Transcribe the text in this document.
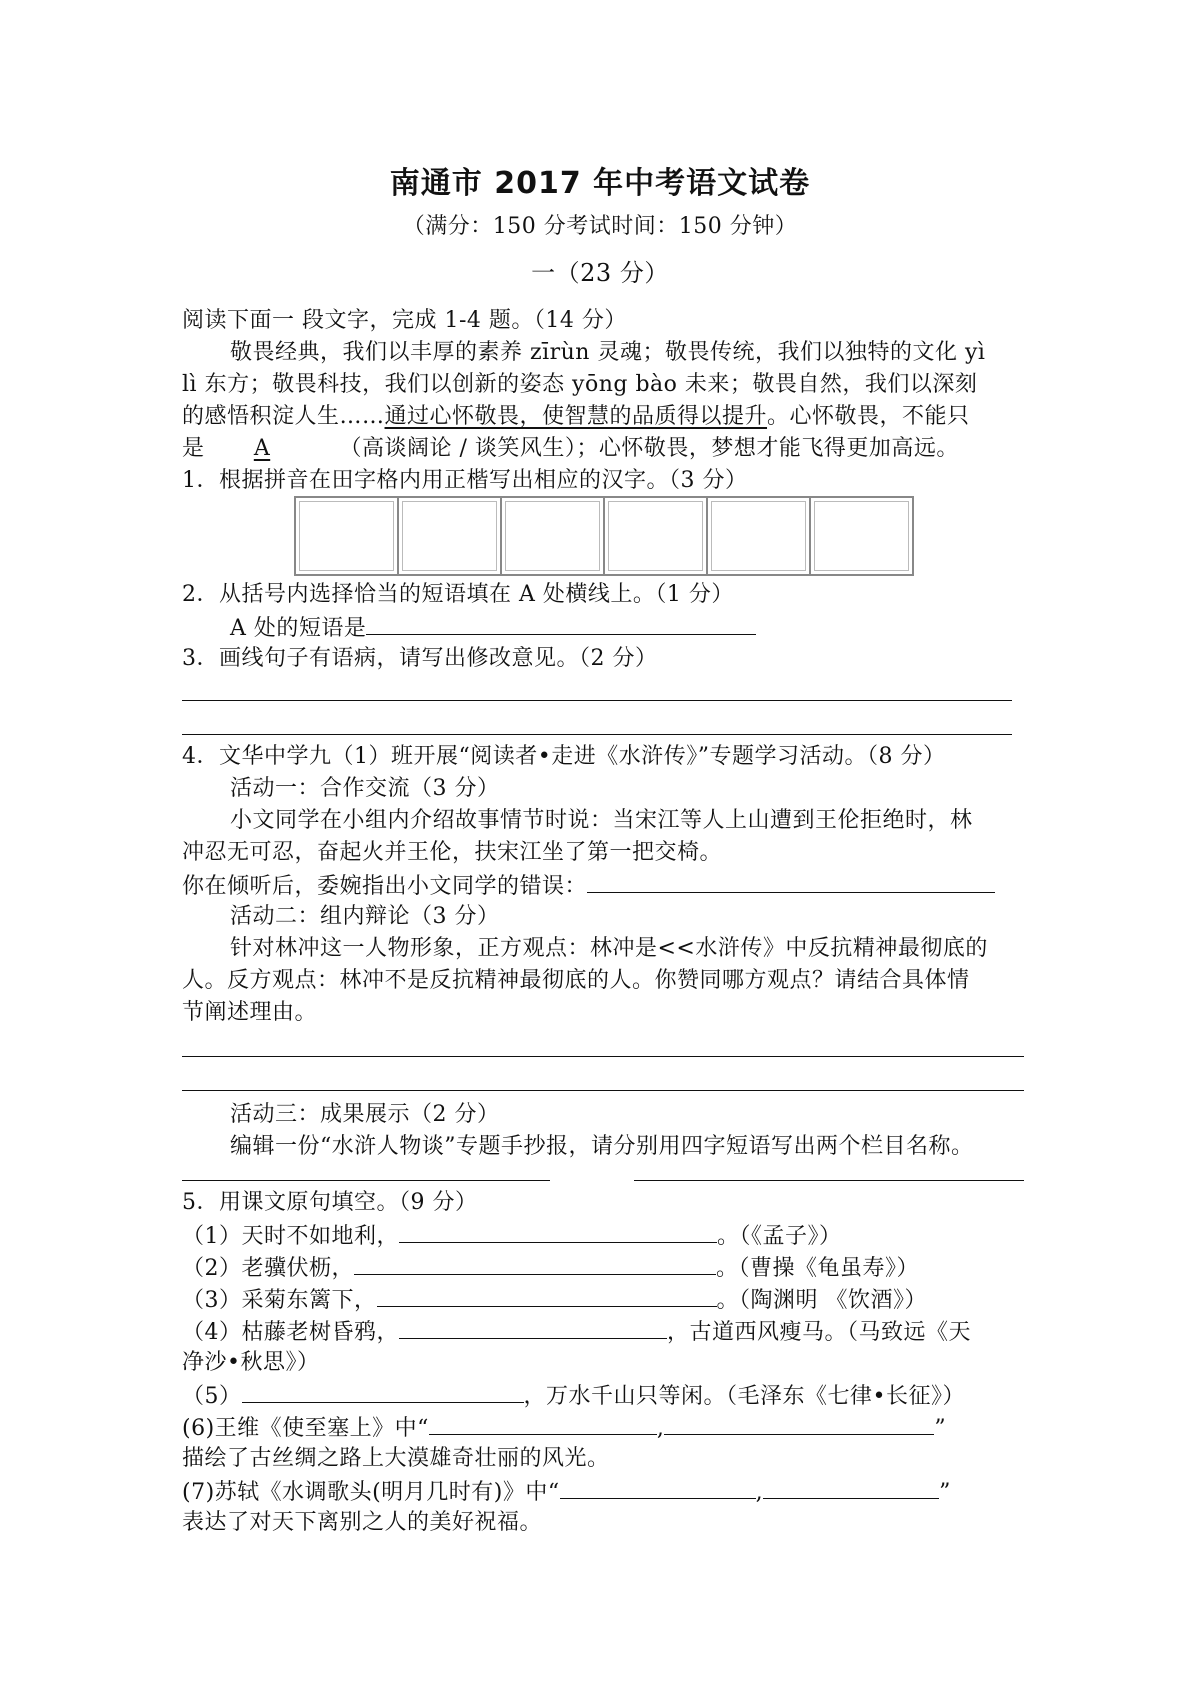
南通市 2017 年中考语文试卷
（满分：150 分考试时间：150 分钟）
一（23 分）
阅读下面一 段文字，完成 1-4 题。（14 分）
敬畏经典，我们以丰厚的素养 zīrùn 灵魂；敬畏传统，我们以独特的文化 yì
lì 东方；敬畏科技，我们以创新的姿态 yōng bào 未来；敬畏自然，我们以深刻
的感悟积淀人生……通过心怀敬畏，使智慧的品质得以提升。心怀敬畏，不能只
是 A	（高谈阔论 / 谈笑风生）；心怀敬畏，梦想才能飞得更加高远。
1．根据拼音在田字格内用正楷写出相应的汉字。（3 分）
2．从括号内选择恰当的短语填在 A 处横线上。（1 分）
A 处的短语是
3．画线句子有语病，请写出修改意见。（2 分）
4．文华中学九（1）班开展“阅读者•走进《水浒传》”专题学习活动。（8 分）
活动一：合作交流（3 分）
小文同学在小组内介绍故事情节时说：当宋江等人上山遭到王伦拒绝时，林
冲忍无可忍，奋起火并王伦，扶宋江坐了第一把交椅。
你在倾听后，委婉指出小文同学的错误：
活动二：组内辩论（3 分）
针对林冲这一人物形象，正方观点：林冲是<<水浒传》中反抗精神最彻底的
人。反方观点：林冲不是反抗精神最彻底的人。你赞同哪方观点？请结合具体情
节阐述理由。
活动三：成果展示（2 分）
编辑一份“水浒人物谈”专题手抄报，请分别用四字短语写出两个栏目名称。
5．用课文原句填空。（9 分）
（1）天时不如地利，	。（《孟子》）
（2）老骥伏枥，	。（曹操《龟虽寿》）
（3）采菊东篱下，	。（陶渊明 《饮酒》）
（4）枯藤老树昏鸦，	，古道西风瘦马。（马致远《天
净沙•秋思》）
（5）	，万水千山只等闲。（毛泽东《七律•长征》）
(6)王维《使至塞上》中“	,	”
描绘了古丝绸之路上大漠雄奇壮丽的风光。
(7)苏轼《水调歌头(明月几时有)》中“	,	”
表达了对天下离别之人的美好祝福。
